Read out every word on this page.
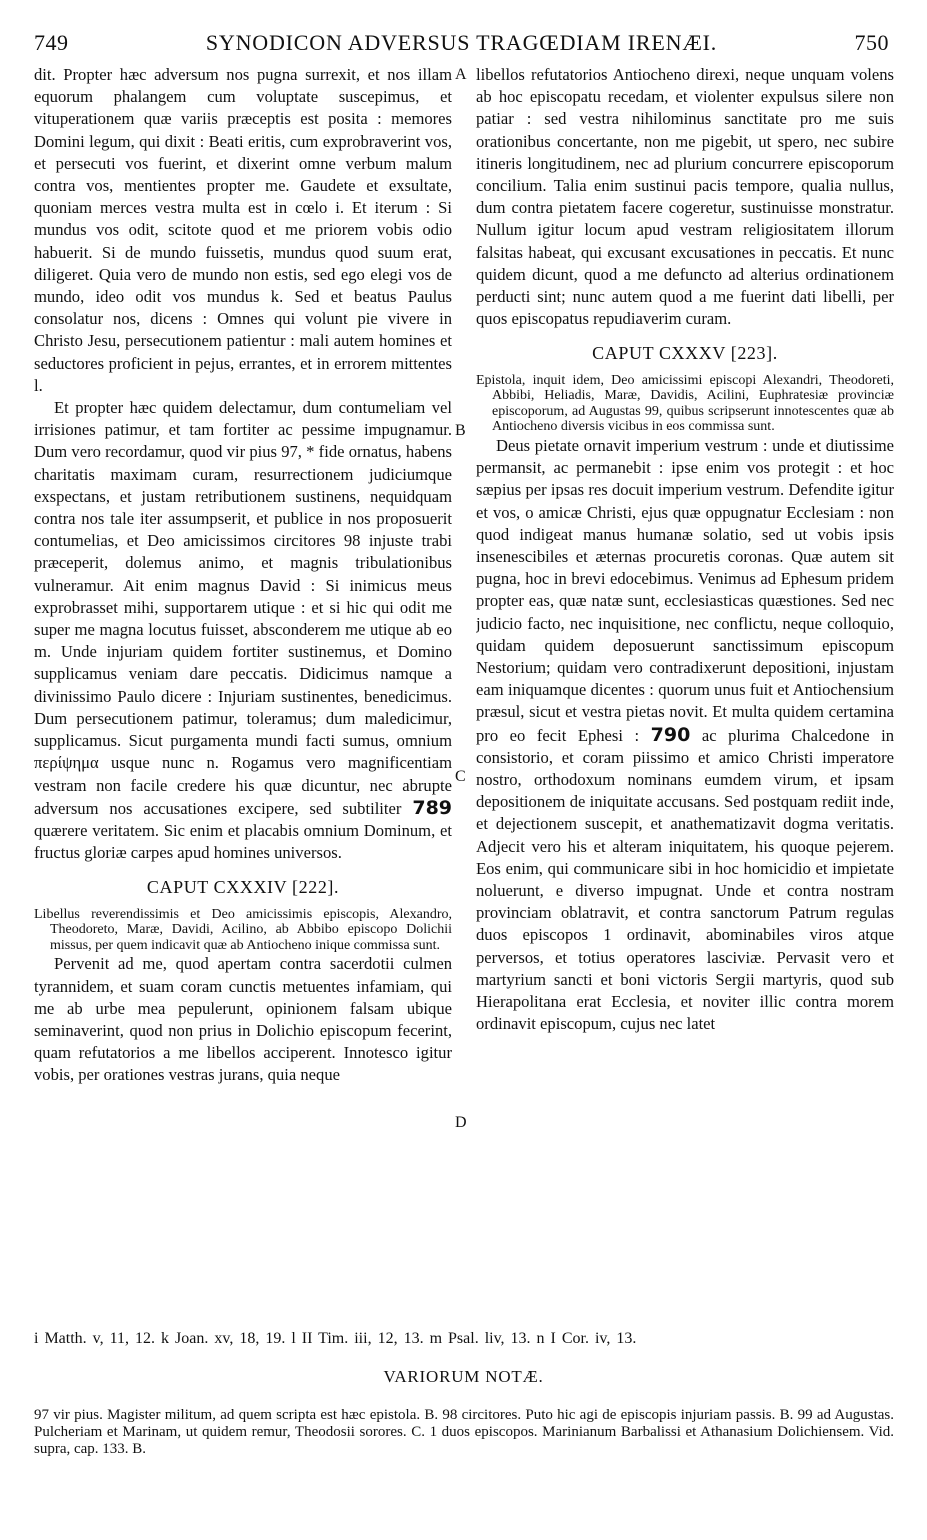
749	SYNODICON ADVERSUS TRAGŒDIAM IRENÆI.	750

dit. Propter hæc adversum nos pugna surrexit, et nos illam equorum phalangem cum voluptate suscepimus, et vituperationem quæ variis præceptis est posita : memores Domini legum, qui dixit : Beati eritis, cum exprobraverint vos, et persecuti vos fuerint, et dixerint omne verbum malum contra vos, mentientes propter me. Gaudete et exsultate, quoniam merces vestra multa est in cœlo i. Et iterum : Si mundus vos odit, scitote quod et me priorem vobis odio habuerit. Si de mundo fuissetis, mundus quod suum erat, diligeret. Quia vero de mundo non estis, sed ego elegi vos de mundo, ideo odit vos mundus k. Sed et beatus Paulus consolatur nos, dicens : Omnes qui volunt pie vivere in Christo Jesu, persecutionem patientur : mali autem homines et seductores proficient in pejus, errantes, et in errorem mittentes l.

Et propter hæc quidem delectamur, dum contumeliam vel irrisiones patimur, et tam fortiter ac pessime impugnamur. Dum vero recordamur, quod vir pius 97, * fide ornatus, habens charitatis maximam curam, resurrectionem judiciumque exspectans, et justam retributionem sustinens, nequidquam contra nos tale iter assumpserit, et publice in nos proposuerit contumelias, et Deo amicissimos circitores 98 injuste trabi præceperit, dolemus animo, et magnis tribulationibus vulneramur. Ait enim magnus David : Si inimicus meus exprobrasset mihi, supportarem utique : et si hic qui odit me super me magna locutus fuisset, absconderem me utique ab eo m. Unde injuriam quidem fortiter sustinemus, et Domino supplicamus veniam dare peccatis. Didicimus namque a divinissimo Paulo dicere : Injuriam sustinentes, benedicimus. Dum persecutionem patimur, toleramus; dum maledicimur, supplicamus. Sicut purgamenta mundi facti sumus, omnium περίψημα usque nunc n. Rogamus vero magnificentiam vestram non facile credere his quæ dicuntur, nec abrupte adversum nos accusationes excipere, sed subtiliter 789 quærere veritatem. Sic enim et placabis omnium Dominum, et fructus gloriæ carpes apud homines universos.

CAPUT CXXXIV [222].

Libellus reverendissimis et Deo amicissimis episcopis, Alexandro, Theodoreto, Maræ, Davidi, Acilino, ab Abbibo episcopo Dolichii missus, per quem indicavit quæ ab Antiocheno inique commissa sunt.

Pervenit ad me, quod apertam contra sacerdotii culmen tyrannidem, et suam coram cunctis metuentes infamiam, qui me ab urbe mea pepulerunt, opinionem falsam ubique seminaverint, quod non prius in Dolichio episcopum fecerint, quam refutatorios a me libellos acciperent. Innotesco igitur vobis, per orationes vestras jurans, quia neque

libellos refutatorios Antiocheno direxi, neque unquam volens ab hoc episcopatu recedam, et violenter expulsus silere non patiar : sed vestra nihilominus sanctitate pro me suis orationibus concertante, non me pigebit, ut spero, nec subire itineris longitudinem, nec ad plurium concurrere episcoporum concilium. Talia enim sustinui pacis tempore, qualia nullus, dum contra pietatem facere cogeretur, sustinuisse monstratur. Nullum igitur locum apud vestram religiositatem illorum falsitas habeat, qui excusant excusationes in peccatis. Et nunc quidem dicunt, quod a me defuncto ad alterius ordinationem perducti sint; nunc autem quod a me fuerint dati libelli, per quos episcopatus repudiaverim curam.

CAPUT CXXXV [223].

Epistola, inquit idem, Deo amicissimi episcopi Alexandri, Theodoreti, Abbibi, Heliadis, Maræ, Davidis, Acilini, Euphratesiæ provinciæ episcoporum, ad Augustas 99, quibus scripserunt innotescentes quæ ab Antiocheno diversis vicibus in eos commissa sunt.

Deus pietate ornavit imperium vestrum : unde et diutissime permansit, ac permanebit : ipse enim vos protegit : et hoc sæpius per ipsas res docuit imperium vestrum. Defendite igitur et vos, o amicæ Christi, ejus quæ oppugnatur Ecclesiam : non quod indigeat manus humanæ solatio, sed ut vobis ipsis insenescibiles et æternas procuretis coronas. Quæ autem sit pugna, hoc in brevi edocebimus. Venimus ad Ephesum pridem propter eas, quæ natæ sunt, ecclesiasticas quæstiones. Sed nec judicio facto, nec inquisitione, nec conflictu, neque colloquio, quidam quidem deposuerunt sanctissimum episcopum Nestorium; quidam vero contradixerunt depositioni, injustam eam iniquamque dicentes : quorum unus fuit et Antiochensium præsul, sicut et vestra pietas novit. Et multa quidem certamina pro eo fecit Ephesi : 790 ac plurima Chalcedone in consistorio, et coram piissimo et amico Christi imperatore nostro, orthodoxum nominans eumdem virum, et ipsam depositionem de iniquitate accusans. Sed postquam rediit inde, et dejectionem suscepit, et anathematizavit dogma veritatis. Adjecit vero his et alteram iniquitatem, his quoque pejerem. Eos enim, qui communicare sibi in hoc homicidio et impietate noluerunt, e diverso impugnat. Unde et contra nostram provinciam oblatravit, et contra sanctorum Patrum regulas duos episcopos 1 ordinavit, abominabiles viros atque perversos, et totius operatores lasciviæ. Pervasit vero et martyrium sancti et boni victoris Sergii martyris, quod sub Hierapolitana erat Ecclesia, et noviter illic contra morem ordinavit episcopum, cujus nec latet

A
B
C
D
i Matth. v, 11, 12. k Joan. xv, 18, 19. l II Tim. iii, 12, 13. m Psal. liv, 13. n I Cor. iv, 13.
VARIORUM NOTÆ.
97 vir pius. Magister militum, ad quem scripta est hæc epistola. B. 98 circitores. Puto hic agi de episcopis injuriam passis. B. 99 ad Augustas. Pulcheriam et Marinam, ut quidem remur, Theodosii sorores. C. 1 duos episcopos. Marinianum Barbalissi et Athanasium Dolichiensem. Vid. supra, cap. 133. B.
